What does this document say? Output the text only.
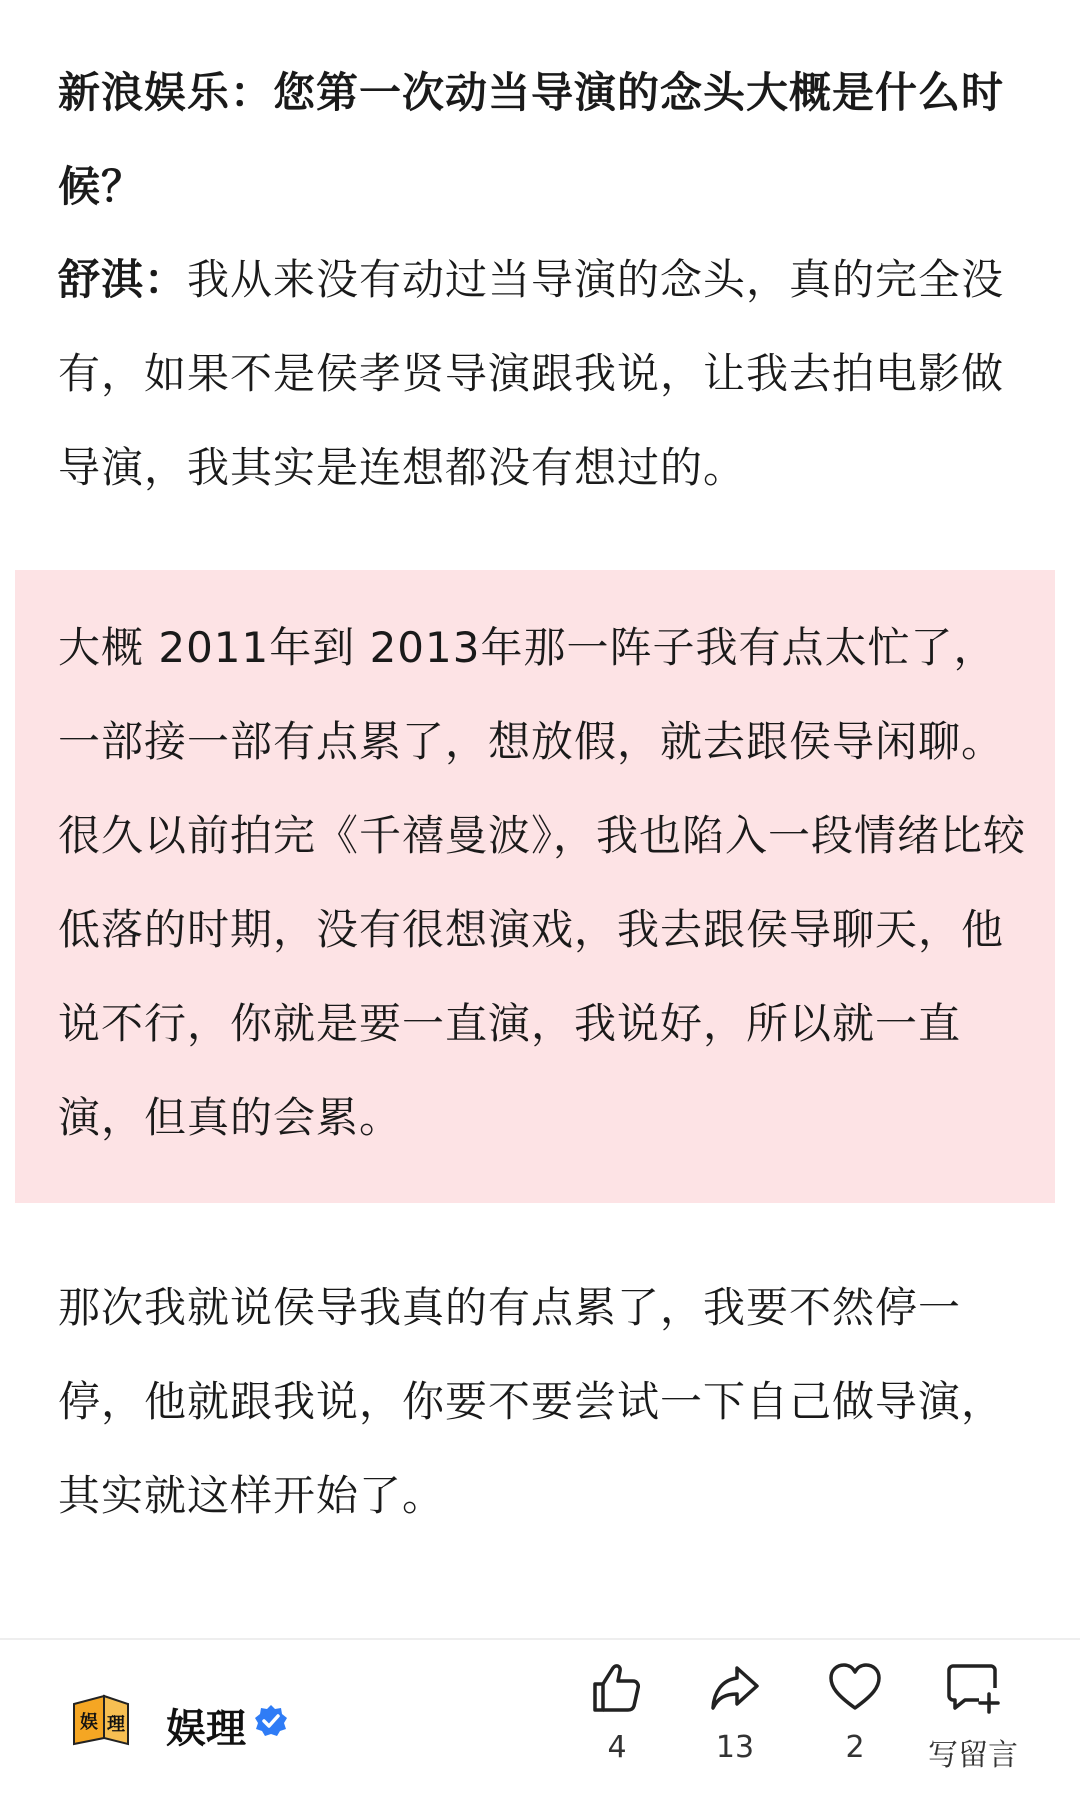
新浪娱乐：您第一次动当导演的念头大概是什么时候？
舒淇：我从来没有动过当导演的念头，真的完全没有，如果不是侯孝贤导演跟我说，让我去拍电影做导演，我其实是连想都没有想过的。
大概 2011年到 2013年那一阵子我有点太忙了，一部接一部有点累了，想放假，就去跟侯导闲聊。很久以前拍完《千禧曼波》，我也陷入一段情绪比较低落的时期，没有很想演戏，我去跟侯导聊天，他说不行，你就是要一直演，我说好，所以就一直演，但真的会累。
那次我就说侯导我真的有点累了，我要不然停一停，他就跟我说，你要不要尝试一下自己做导演，其实就这样开始了。
娱 理 娱理	4	13	2	写留言
